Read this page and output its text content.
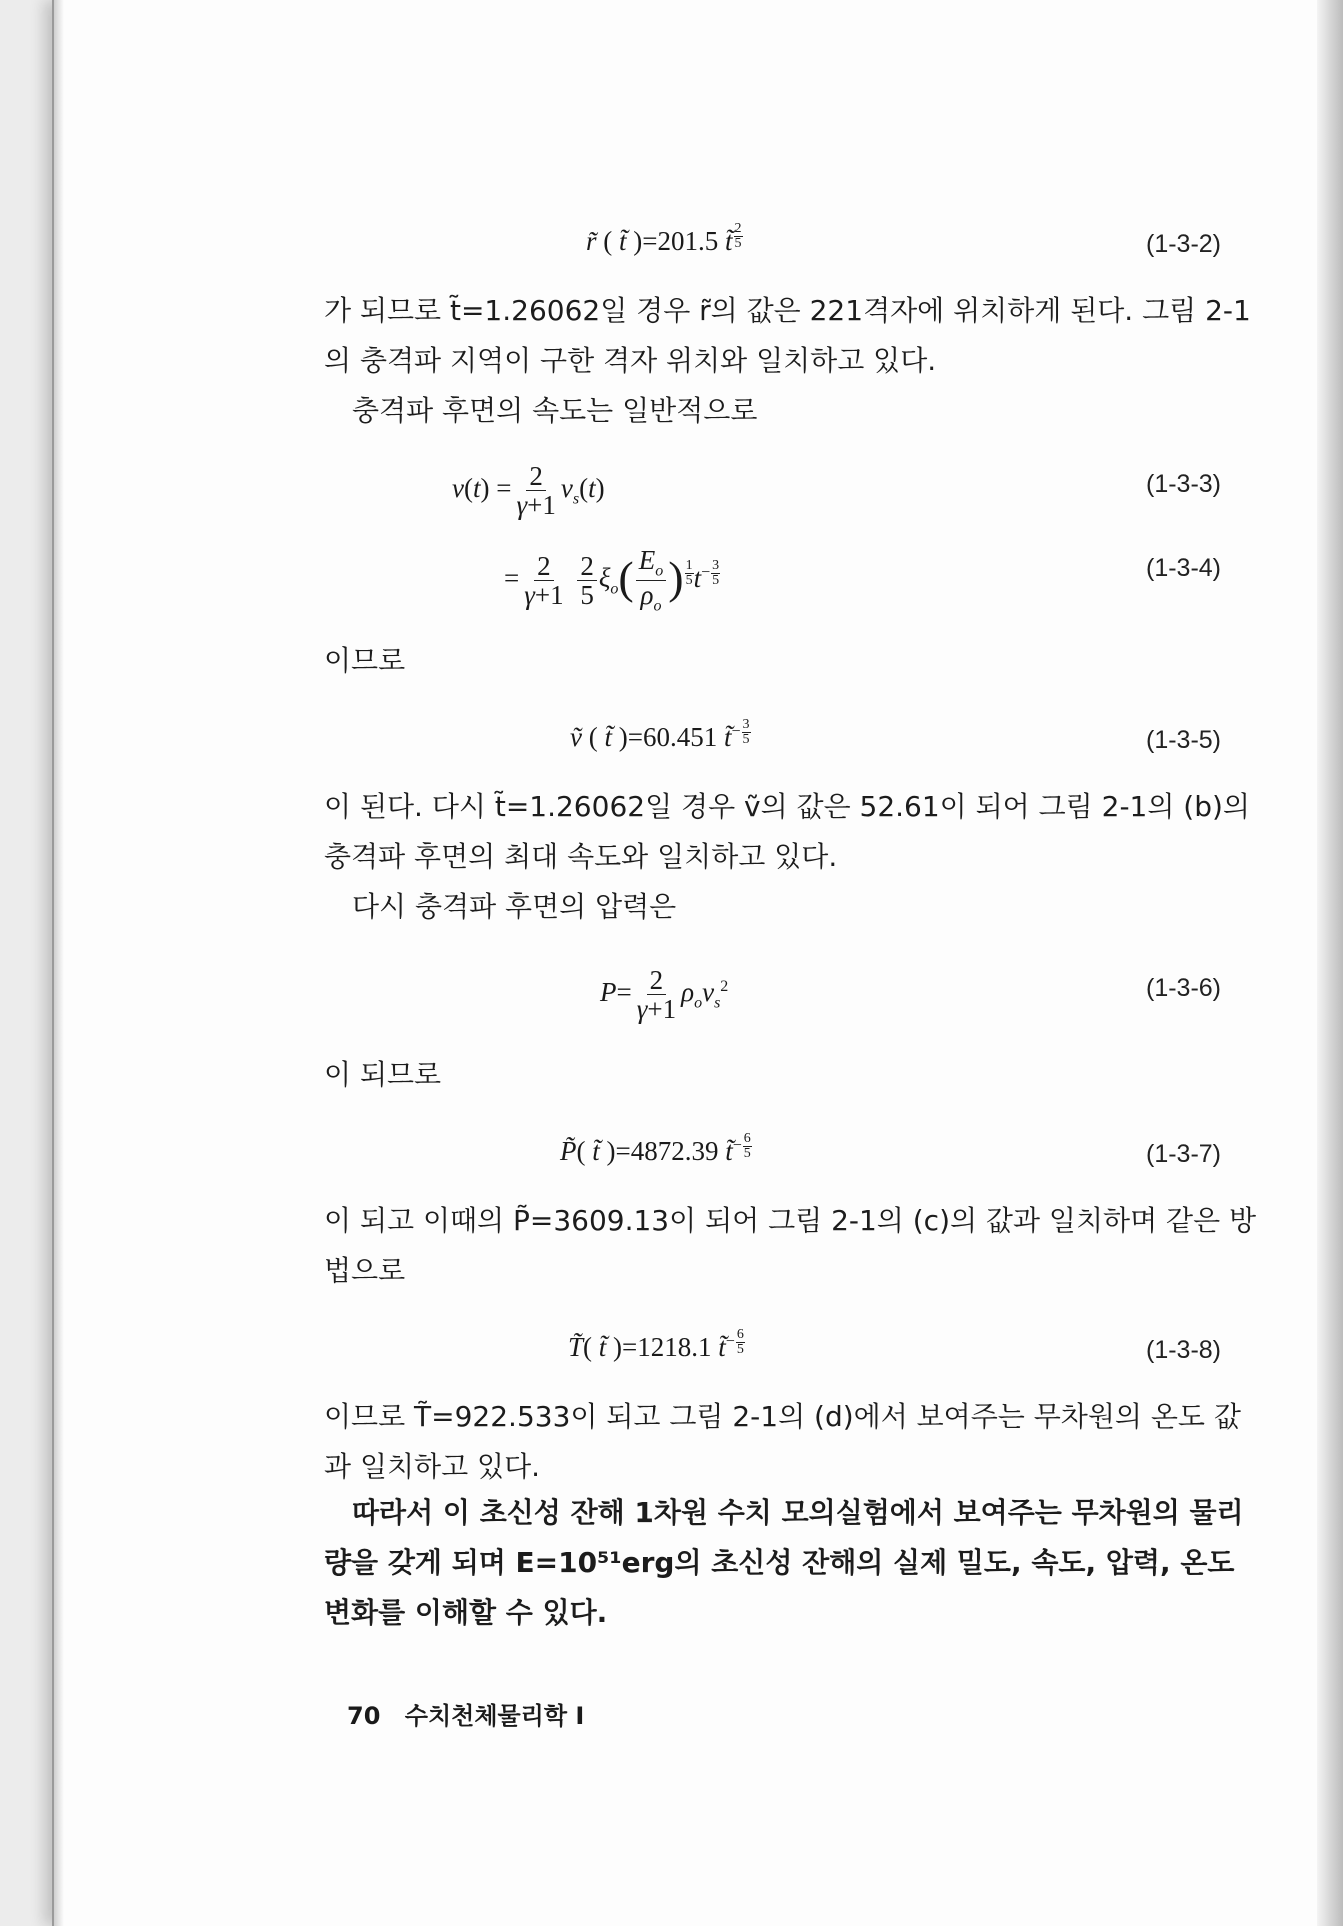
r̃ ( t̃ )=201.5 t̃ $\frac{2}{5}$	(1-3-2)

가 되므로 t̃=1.26062일 경우 r̃의 값은 221격자에 위치하게 된다. 그림 2-1의 충격파 지역이 구한 격자 위치와 일치하고 있다.

충격파 후면의 속도는 일반적으로

$v(t) = \frac{2}{\gamma+1} v_s(t)$	(1-3-3)
= $\frac{2}{\gamma+1}$
$\frac{2}{5} \xi_o( \frac{E_o}{\rho_o}$ ) $\frac{1}{5} t^- \frac{3}{5}$	(1-3-4)

이므로

ṽ ( t̃ )=60.451 t̃− $\frac{3}{5}$	(1-3-5)

이 된다. 다시 t̃=1.26062일 경우 ṽ의 값은 52.61이 되어 그림 2-1의 (b)의 충격파 후면의 최대 속도와 일치하고 있다.

다시 충격파 후면의 압력은

$P= \frac{2}{\gamma+1} \rho_ov_s^2$	(1-3-6)

이 되므로

P̃( t̃ )=4872.39 t̃− $\frac{6}{5}$	(1-3-7)

이 되고 이때의 P̃=3609.13이 되어 그림 2-1의 (c)의 값과 일치하며 같은 방법으로

T̃( t̃ )=1218.1 t̃− $\frac{6}{5}$	(1-3-8)

이므로 T̃=922.533이 되고 그림 2-1의 (d)에서 보여주는 무차원의 온도 값과 일치하고 있다.

따라서 이 초신성 잔해 1차원 수치 모의실험에서 보여주는 무차원의 물리량을 갖게 되며 E=10⁵¹erg의 초신성 잔해의 실제 밀도, 속도, 압력, 온도 변화를 이해할 수 있다.

70 수치천체물리학 Ⅰ
